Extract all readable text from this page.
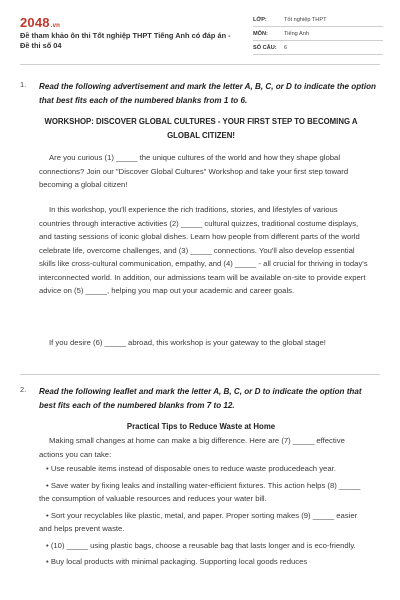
2048.vn
Đề tham khảo ôn thi Tốt nghiệp THPT Tiếng Anh có đáp án - Đề thi số 04
LỚP:	Tốt nghiệp THPT
MÔN:	Tiếng Anh
SỐ CÂU: 6
1. Read the following advertisement and mark the letter A, B, C, or D to indicate the option that best fits each of the numbered blanks from 1 to 6.
WORKSHOP: DISCOVER GLOBAL CULTURES - YOUR FIRST STEP TO BECOMING A GLOBAL CITIZEN!

Are you curious (1) _____ the unique cultures of the world and how they shape global connections? Join our "Discover Global Cultures" Workshop and take your first step toward becoming a global citizen!

In this workshop, you'll experience the rich traditions, stories, and lifestyles of various countries through interactive activities (2) _____ cultural quizzes, traditional costume displays, and tasting sessions of iconic global dishes. Learn how people from different parts of the world celebrate life, overcome challenges, and (3) _____ connections. You'll also develop essential skills like cross-cultural communication, empathy, and (4) _____ - all crucial for thriving in today's interconnected world. In addition, our admissions team will be available on-site to provide expert advice on (5) _____, helping you map out your academic and career goals.

If you desire (6) _____ abroad, this workshop is your gateway to the global stage!

2. Read the following leaflet and mark the letter A, B, C, or D to indicate the option that best fits each of the numbered blanks from 7 to 12.
Practical Tips to Reduce Waste at Home

Making small changes at home can make a big difference. Here are (7) _____ effective actions you can take:

• Use reusable items instead of disposable ones to reduce waste producedeach year.

• Save water by fixing leaks and installing water-efficient fixtures. This action helps (8) _____ the consumption of valuable resources and reduces your water bill.

• Sort your recyclables like plastic, metal, and paper. Proper sorting makes (9) _____ easier and helps prevent waste.

• (10) _____ using plastic bags, choose a reusable bag that lasts longer and is eco-friendly.

• Buy local products with minimal packaging. Supporting local goods reduces
